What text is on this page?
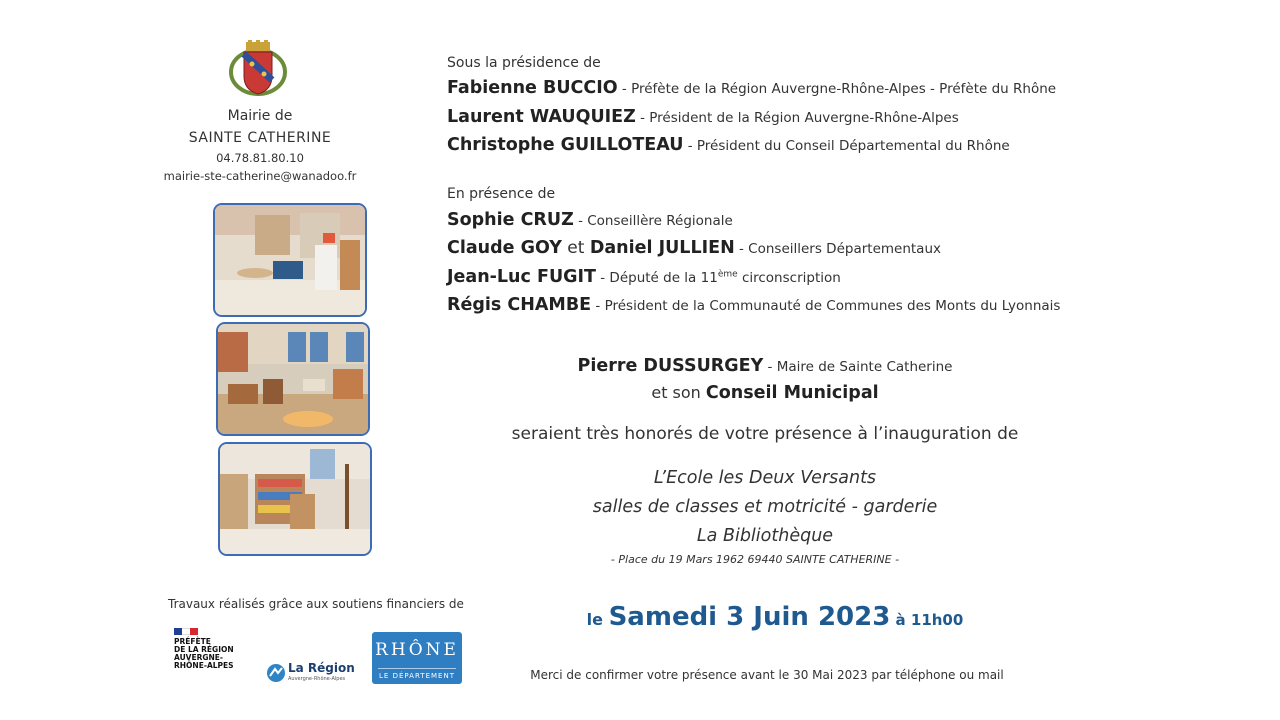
Mairie de
SAINTE CATHERINE
04.78.81.80.10
mairie-ste-catherine@wanadoo.fr
Travaux réalisés grâce aux soutiens financiers de
PRÉFÈTE
DE LA RÉGION
AUVERGNE-
RHÔNE-ALPES	La Région
Auvergne-Rhône-Alpes
RHÔNE
LE DÉPARTEMENT
Sous la présidence de
Fabienne BUCCIO - Préfète de la Région Auvergne-Rhône-Alpes - Préfète du Rhône
Laurent WAUQUIEZ - Président de la Région Auvergne-Rhône-Alpes
Christophe GUILLOTEAU - Président du Conseil Départemental du Rhône
En présence de
Sophie CRUZ - Conseillère Régionale
Claude GOY et Daniel JULLIEN - Conseillers Départementaux
Jean-Luc FUGIT - Député de la 11ème circonscription
Régis CHAMBE - Président de la Communauté de Communes des Monts du Lyonnais
Pierre DUSSURGEY - Maire de Sainte Catherine
et son Conseil Municipal
seraient très honorés de votre présence à l’inauguration de
L’Ecole les Deux Versants
salles de classes et motricité - garderie
La Bibliothèque
- Place du 19 Mars 1962 69440 SAINTE CATHERINE -
le Samedi 3 Juin 2023 à 11h00
Merci de confirmer votre présence avant le 30 Mai 2023 par téléphone ou mail
